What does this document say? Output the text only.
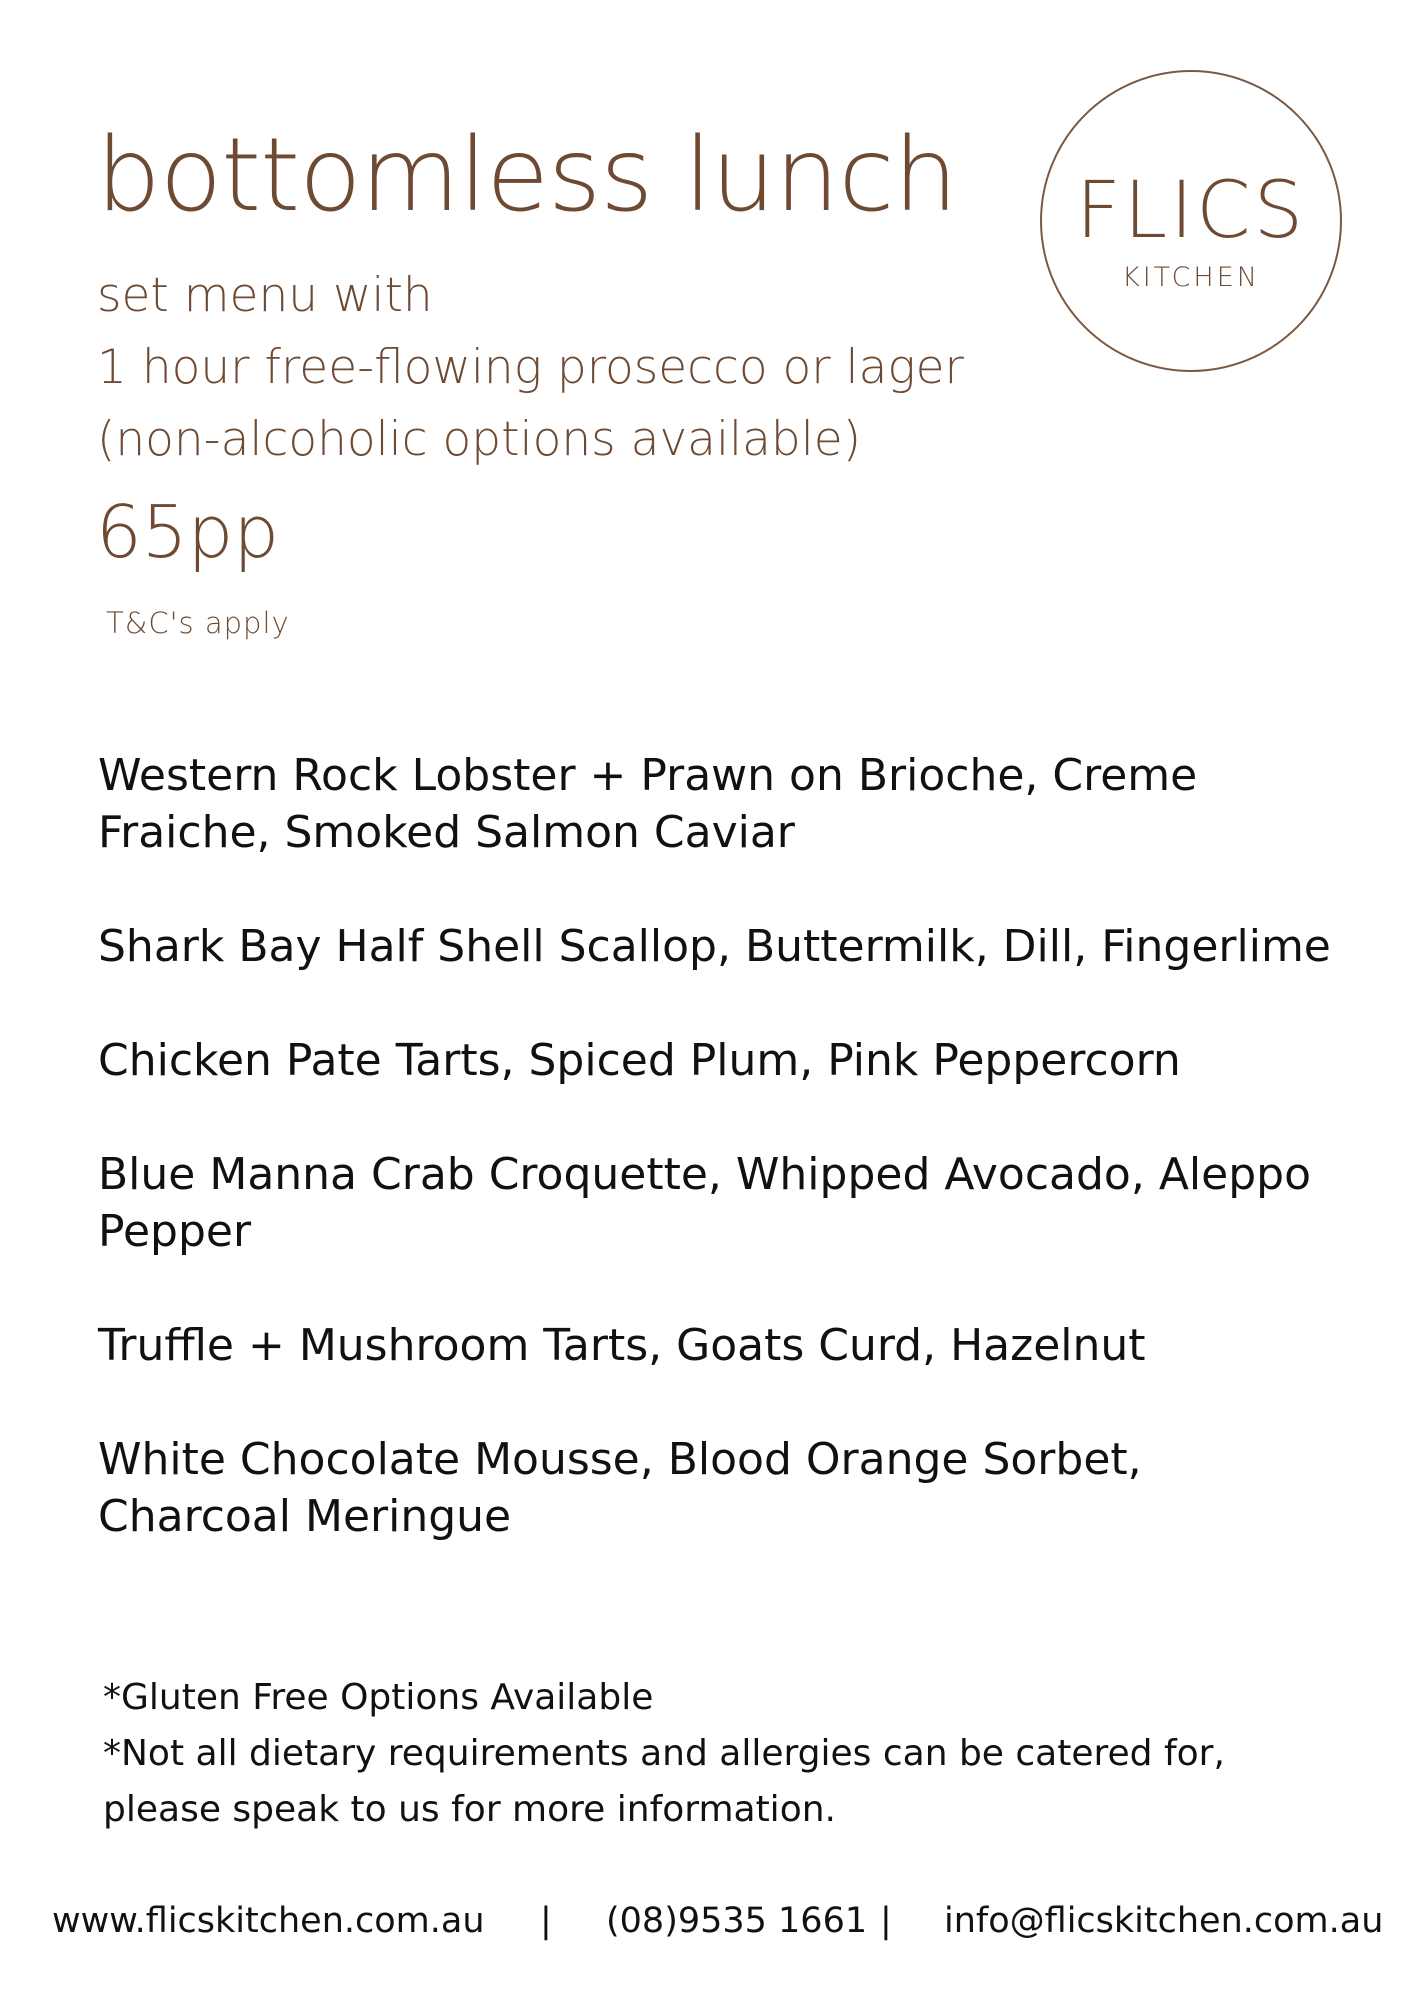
bottomless lunch
set menu with
1 hour free-flowing prosecco or lager
(non-alcoholic options available)
65pp
T&C's apply
FLICS
KITCHEN
Western Rock Lobster + Prawn on Brioche, Creme Fraiche, Smoked Salmon Caviar
Shark Bay Half Shell Scallop, Buttermilk, Dill, Fingerlime
Chicken Pate Tarts, Spiced Plum, Pink Peppercorn
Blue Manna Crab Croquette, Whipped Avocado, Aleppo Pepper
Truffle + Mushroom Tarts, Goats Curd, Hazelnut
White Chocolate Mousse, Blood Orange Sorbet, Charcoal Meringue
*Gluten Free Options Available
*Not all dietary requirements and allergies can be catered for,
please speak to us for more information.
www.flicskitchen.com.au | (08)9535 1661 | info@flicskitchen.com.au
